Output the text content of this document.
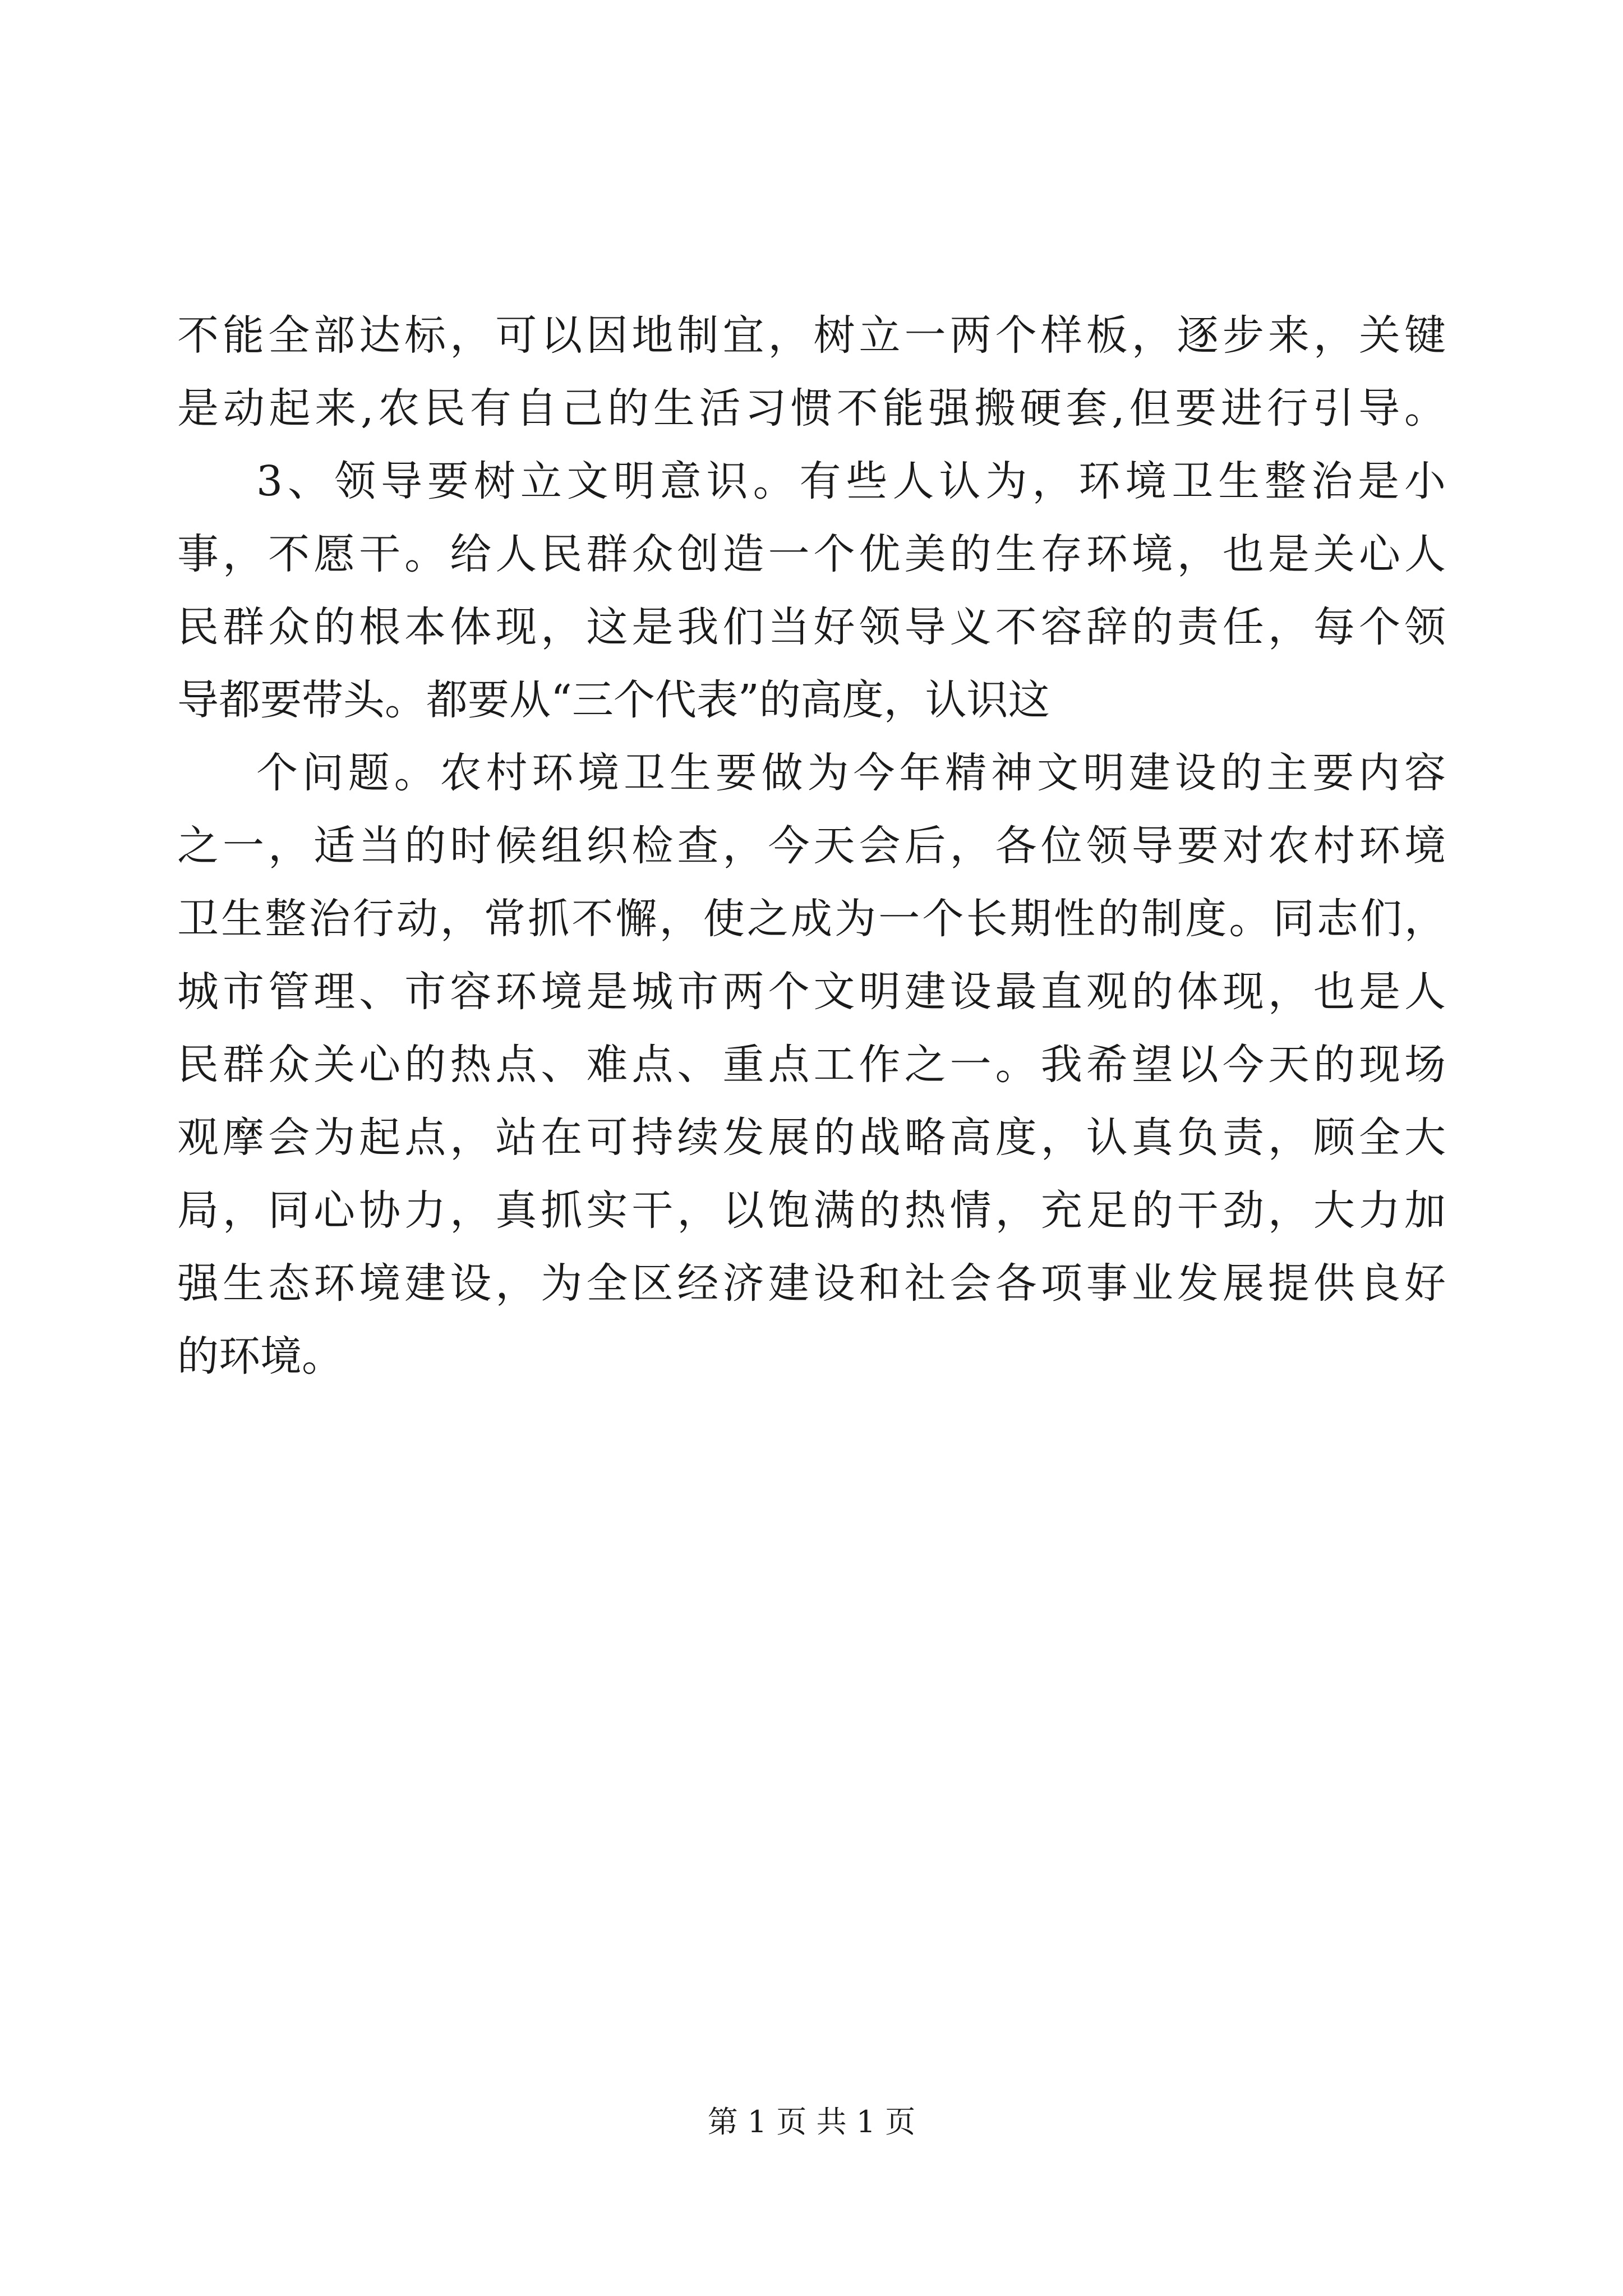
不能全部达标，可以因地制宜，树立一两个样板，逐步来，关键
是动起来,农民有自己的生活习惯不能强搬硬套,但要进行引导。
3、领导要树立文明意识。有些人认为，环境卫生整治是小
事，不愿干。给人民群众创造一个优美的生存环境，也是关心人
民群众的根本体现，这是我们当好领导义不容辞的责任，每个领
导都要带头。都要从“三个代表”的高度，认识这
个问题。农村环境卫生要做为今年精神文明建设的主要内容
之一，适当的时候组织检查，今天会后，各位领导要对农村环境
卫生整治行动，常抓不懈，使之成为一个长期性的制度。同志们，
城市管理、市容环境是城市两个文明建设最直观的体现，也是人
民群众关心的热点、难点、重点工作之一。我希望以今天的现场
观摩会为起点，站在可持续发展的战略高度，认真负责，顾全大
局，同心协力，真抓实干，以饱满的热情，充足的干劲，大力加
强生态环境建设，为全区经济建设和社会各项事业发展提供良好
的环境。
第 1 页 共 1 页
